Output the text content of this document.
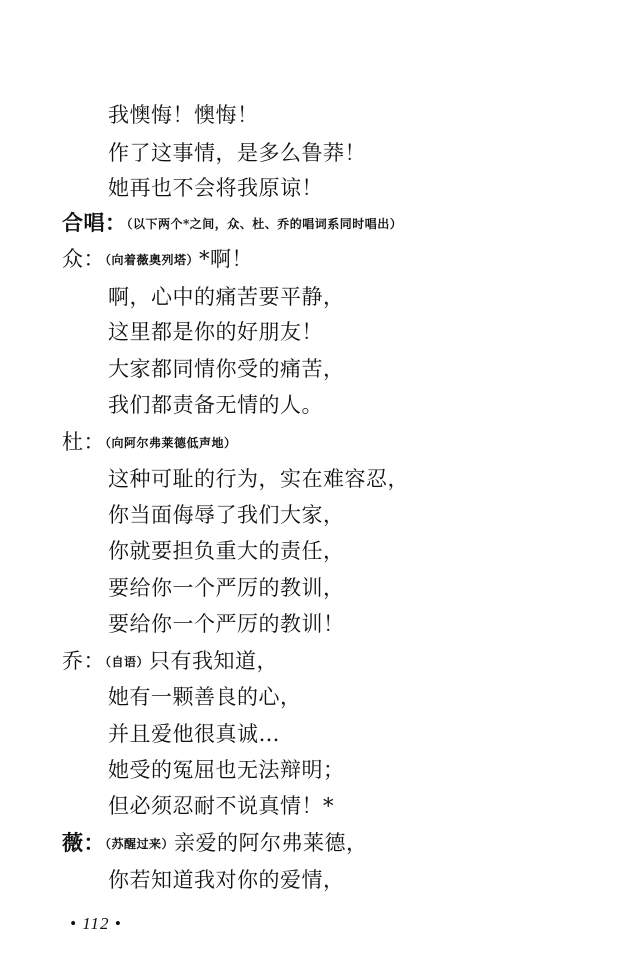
我懊悔！懊悔！
作了这事情，是多么鲁莽！
她再也不会将我原谅！
合唱：（以下两个*之间，众、杜、乔的唱词系同时唱出）
众：（向着薇奥列塔）*啊！
啊，心中的痛苦要平静，
这里都是你的好朋友！
大家都同情你受的痛苦，
我们都责备无情的人。
杜：（向阿尔弗莱德低声地）
这种可耻的行为，实在难容忍，
你当面侮辱了我们大家，
你就要担负重大的责任，
要给你一个严厉的教训，
要给你一个严厉的教训！
乔：（自语）只有我知道，
她有一颗善良的心，
并且爱他很真诚…
她受的冤屈也无法辩明；
但必须忍耐不说真情！*
薇：（苏醒过来）亲爱的阿尔弗莱德，
你若知道我对你的爱情，
• 112 •
